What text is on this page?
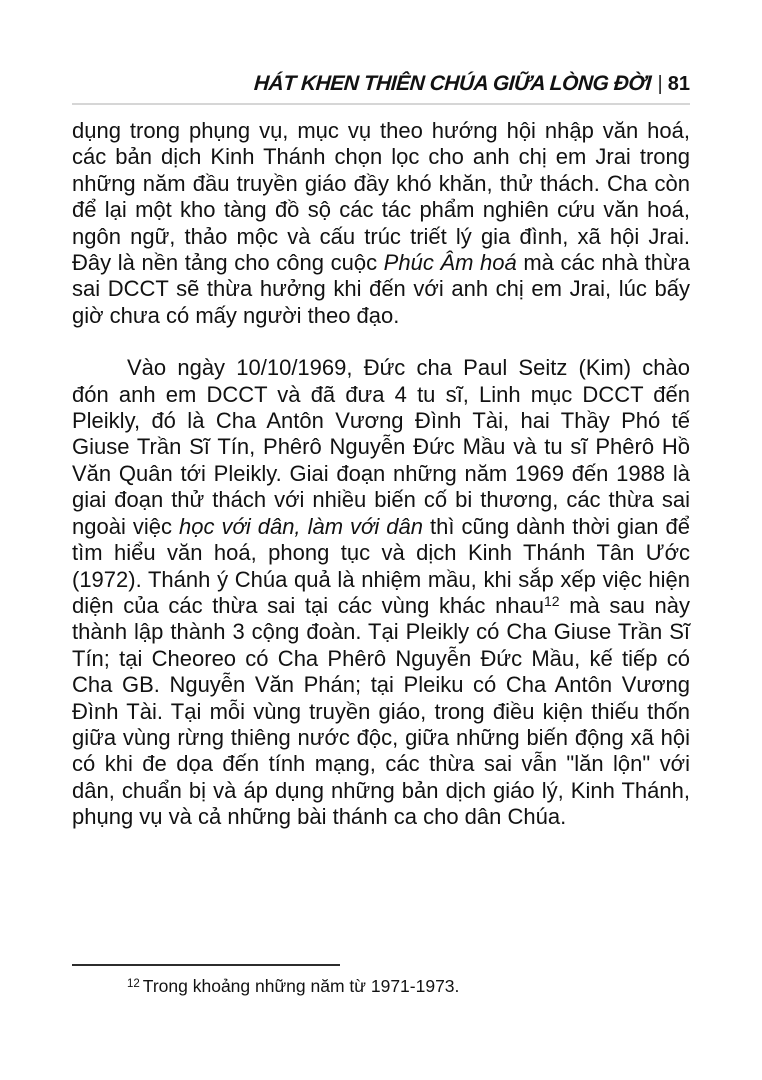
HÁT KHEN THIÊN CHÚA GIỮA LÒNG ĐỜI | 81

dụng trong phụng vụ, mục vụ theo hướng hội nhập văn hoá, các bản dịch Kinh Thánh chọn lọc cho anh chị em Jrai trong những năm đầu truyền giáo đầy khó khăn, thử thách. Cha còn để lại một kho tàng đồ sộ các tác phẩm nghiên cứu văn hoá, ngôn ngữ, thảo mộc và cấu trúc triết lý gia đình, xã hội Jrai. Đây là nền tảng cho công cuộc Phúc Âm hoá mà các nhà thừa sai DCCT sẽ thừa hưởng khi đến với anh chị em Jrai, lúc bấy giờ chưa có mấy người theo đạo.

Vào ngày 10/10/1969, Đức cha Paul Seitz (Kim) chào đón anh em DCCT và đã đưa 4 tu sĩ, Linh mục DCCT đến Pleikly, đó là Cha Antôn Vương Đình Tài, hai Thầy Phó tế Giuse Trần Sĩ Tín, Phêrô Nguyễn Đức Mầu và tu sĩ Phêrô Hồ Văn Quân tới Pleikly. Giai đoạn những năm 1969 đến 1988 là giai đoạn thử thách với nhiều biến cố bi thương, các thừa sai ngoài việc học với dân, làm với dân thì cũng dành thời gian để tìm hiểu văn hoá, phong tục và dịch Kinh Thánh Tân Ước (1972). Thánh ý Chúa quả là nhiệm mầu, khi sắp xếp việc hiện diện của các thừa sai tại các vùng khác nhau$^{12}$ mà sau này thành lập thành 3 cộng đoàn. Tại Pleikly có Cha Giuse Trần Sĩ Tín; tại Cheoreo có Cha Phêrô Nguyễn Đức Mầu, kế tiếp có Cha GB. Nguyễn Văn Phán; tại Pleiku có Cha Antôn Vương Đình Tài. Tại mỗi vùng truyền giáo, trong điều kiện thiếu thốn giữa vùng rừng thiêng nước độc, giữa những biến động xã hội có khi đe dọa đến tính mạng, các thừa sai vẫn "lăn lộn" với dân, chuẩn bị và áp dụng những bản dịch giáo lý, Kinh Thánh, phụng vụ và cả những bài thánh ca cho dân Chúa.

$^{12}$ Trong khoảng những năm từ 1971-1973.
